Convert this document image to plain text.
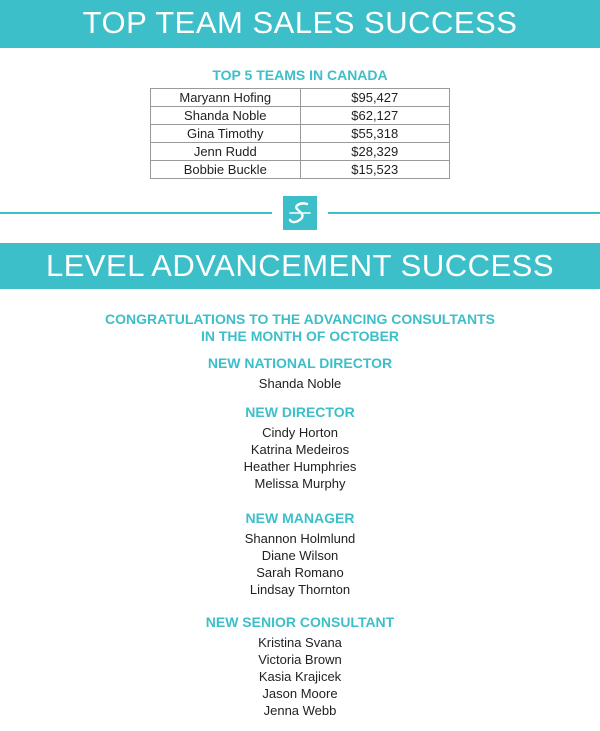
TOP TEAM SALES SUCCESS
TOP 5 TEAMS IN CANADA
Maryann Hofing	$95,427
Shanda Noble	$62,127
Gina Timothy	$55,318
Jenn Rudd	$28,329
Bobbie Buckle	$15,523
LEVEL ADVANCEMENT SUCCESS
CONGRATULATIONS TO THE ADVANCING CONSULTANTS
IN THE MONTH OF OCTOBER
NEW NATIONAL DIRECTOR
Shanda Noble
NEW DIRECTOR
Cindy Horton
Katrina Medeiros
Heather Humphries
Melissa Murphy
NEW MANAGER
Shannon Holmlund
Diane Wilson
Sarah Romano
Lindsay Thornton
NEW SENIOR CONSULTANT
Kristina Svana
Victoria Brown
Kasia Krajicek
Jason Moore
Jenna Webb
